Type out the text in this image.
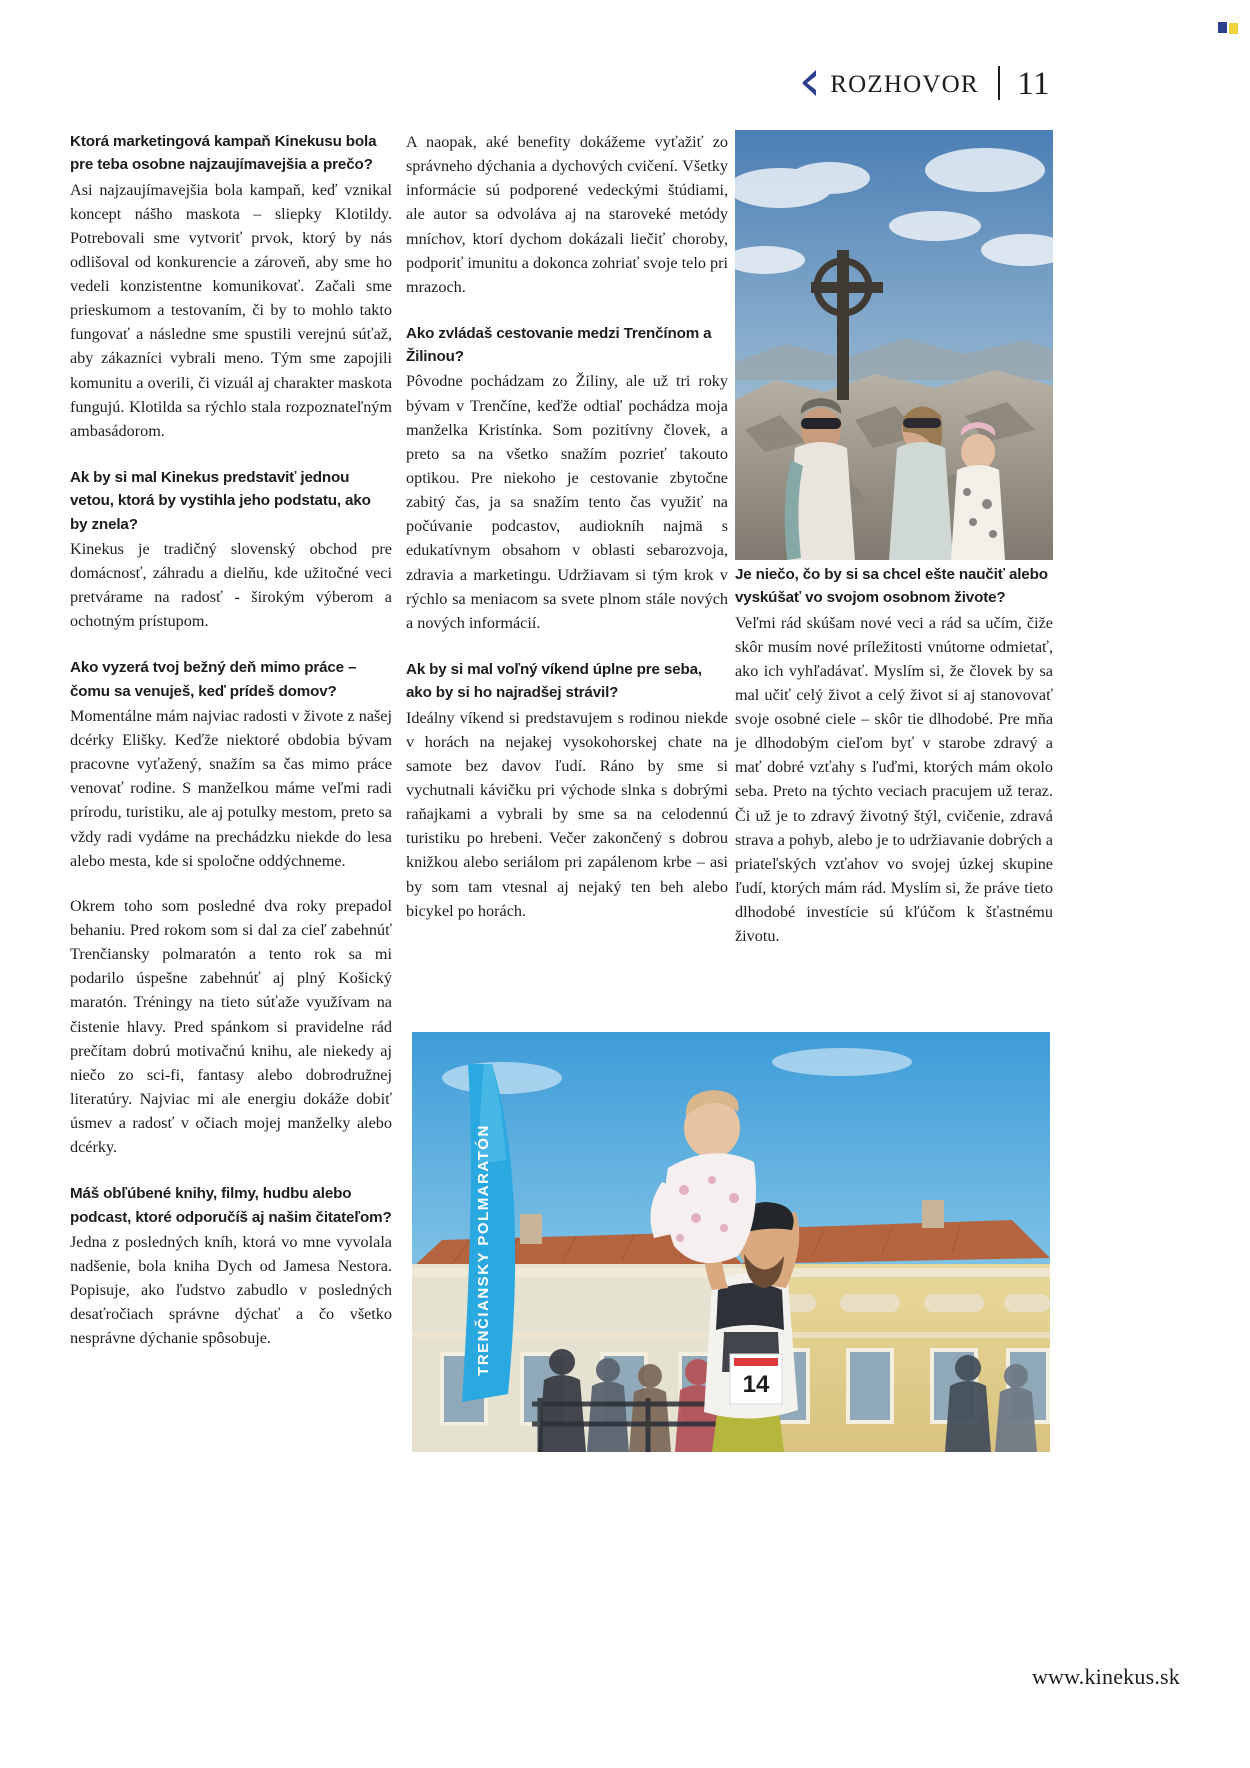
ROZHOVOR 11
Ktorá marketingová kampaň Kinekusu bola pre teba osobne najzaujímavejšia a prečo?

Asi najzaujímavejšia bola kampaň, keď vznikal koncept nášho maskota – sliepky Klotildy. Potrebovali sme vytvoriť prvok, ktorý by nás odlišoval od konkurencie a zároveň, aby sme ho vedeli konzistentne komunikovať. Začali sme prieskumom a testovaním, či by to mohlo takto fungovať a následne sme spustili verejnú súťaž, aby zákazníci vybrali meno. Tým sme zapojili komunitu a overili, či vizuál aj charakter maskota fungujú. Klotilda sa rýchlo stala rozpoznateľným ambasádorom.

Ak by si mal Kinekus predstaviť jednou vetou, ktorá by vystihla jeho podstatu, ako by znela?

Kinekus je tradičný slovenský obchod pre domácnosť, záhradu a dielňu, kde užitočné veci pretvárame na radosť - širokým výberom a ochotným prístupom.

Ako vyzerá tvoj bežný deň mimo práce – čomu sa venuješ, keď prídeš domov?

Momentálne mám najviac radosti v živote z našej dcérky Elišky. Keďže niektoré obdobia bývam pracovne vyťažený, snažím sa čas mimo práce venovať rodine. S manželkou máme veľmi radi prírodu, turistiku, ale aj potulky mestom, preto sa vždy radi vydáme na prechádzku niekde do lesa alebo mesta, kde si spoločne oddýchneme.

Okrem toho som posledné dva roky prepadol behaniu. Pred rokom som si dal za cieľ zabehnúť Trenčiansky polmaratón a tento rok sa mi podarilo úspešne zabehnúť aj plný Košický maratón. Tréningy na tieto súťaže využívam na čistenie hlavy. Pred spánkom si pravidelne rád prečítam dobrú motivačnú knihu, ale niekedy aj niečo zo sci-fi, fantasy alebo dobrodružnej literatúry. Najviac mi ale energiu dokáže dobiť úsmev a radosť v očiach mojej manželky alebo dcérky.

Máš obľúbené knihy, filmy, hudbu alebo podcast, ktoré odporučíš aj našim čitateľom?

Jedna z posledných kníh, ktorá vo mne vyvolala nadšenie, bola kniha Dych od Jamesa Nestora. Popisuje, ako ľudstvo zabudlo v posledných desaťročiach správne dýchať a čo všetko nesprávne dýchanie spôsobuje.

A naopak, aké benefity dokážeme vyťažiť zo správneho dýchania a dychových cvičení. Všetky informácie sú podporené vedeckými štúdiami, ale autor sa odvoláva aj na staroveké metódy mníchov, ktorí dychom dokázali liečiť choroby, podporiť imunitu a dokonca zohriať svoje telo pri mrazoch.

Ako zvládaš cestovanie medzi Trenčínom a Žilinou?

Pôvodne pochádzam zo Žiliny, ale už tri roky bývam v Trenčíne, keďže odtiaľ pochádza moja manželka Kristínka. Som pozitívny človek, a preto sa na všetko snažím pozrieť takouto optikou. Pre niekoho je cestovanie zbytočne zabitý čas, ja sa snažím tento čas využiť na počúvanie podcastov, audiokníh najmä s edukatívnym obsahom v oblasti sebarozvoja, zdravia a marketingu. Udržiavam si tým krok v rýchlo sa meniacom sa svete plnom stále nových a nových informácií.

Ak by si mal voľný víkend úplne pre seba, ako by si ho najradšej strávil?

Ideálny víkend si predstavujem s rodinou niekde v horách na nejakej vysokohorskej chate na samote bez davov ľudí. Ráno by sme si vychutnali kávičku pri východe slnka s dobrými raňajkami a vybrali by sme sa na celodennú turistiku po hrebeni. Večer zakončený s dobrou knižkou alebo seriálom pri zapálenom krbe – asi by som tam vtesnal aj nejaký ten beh alebo bicykel po horách.

Je niečo, čo by si sa chcel ešte naučiť alebo vyskúšať vo svojom osobnom živote?

Veľmi rád skúšam nové veci a rád sa učím, čiže skôr musím nové príležitosti vnútorne odmietať, ako ich vyhľadávať. Myslím si, že človek by sa mal učiť celý život a celý život si aj stanovovať svoje osobné ciele – skôr tie dlhodobé. Pre mňa je dlhodobým cieľom byť v starobe zdravý a mať dobré vzťahy s ľuďmi, ktorých mám okolo seba. Preto na týchto veciach pracujem už teraz. Či už je to zdravý životný štýl, cvičenie, zdravá strava a pohyb, alebo je to udržiavanie dobrých a priateľských vzťahov vo svojej úzkej skupine ľudí, ktorých mám rád. Myslím si, že práve tieto dlhodobé investície sú kľúčom k šťastnému životu.

TRENČIANSKY POLMARATÓN
14
www.kinekus.sk
